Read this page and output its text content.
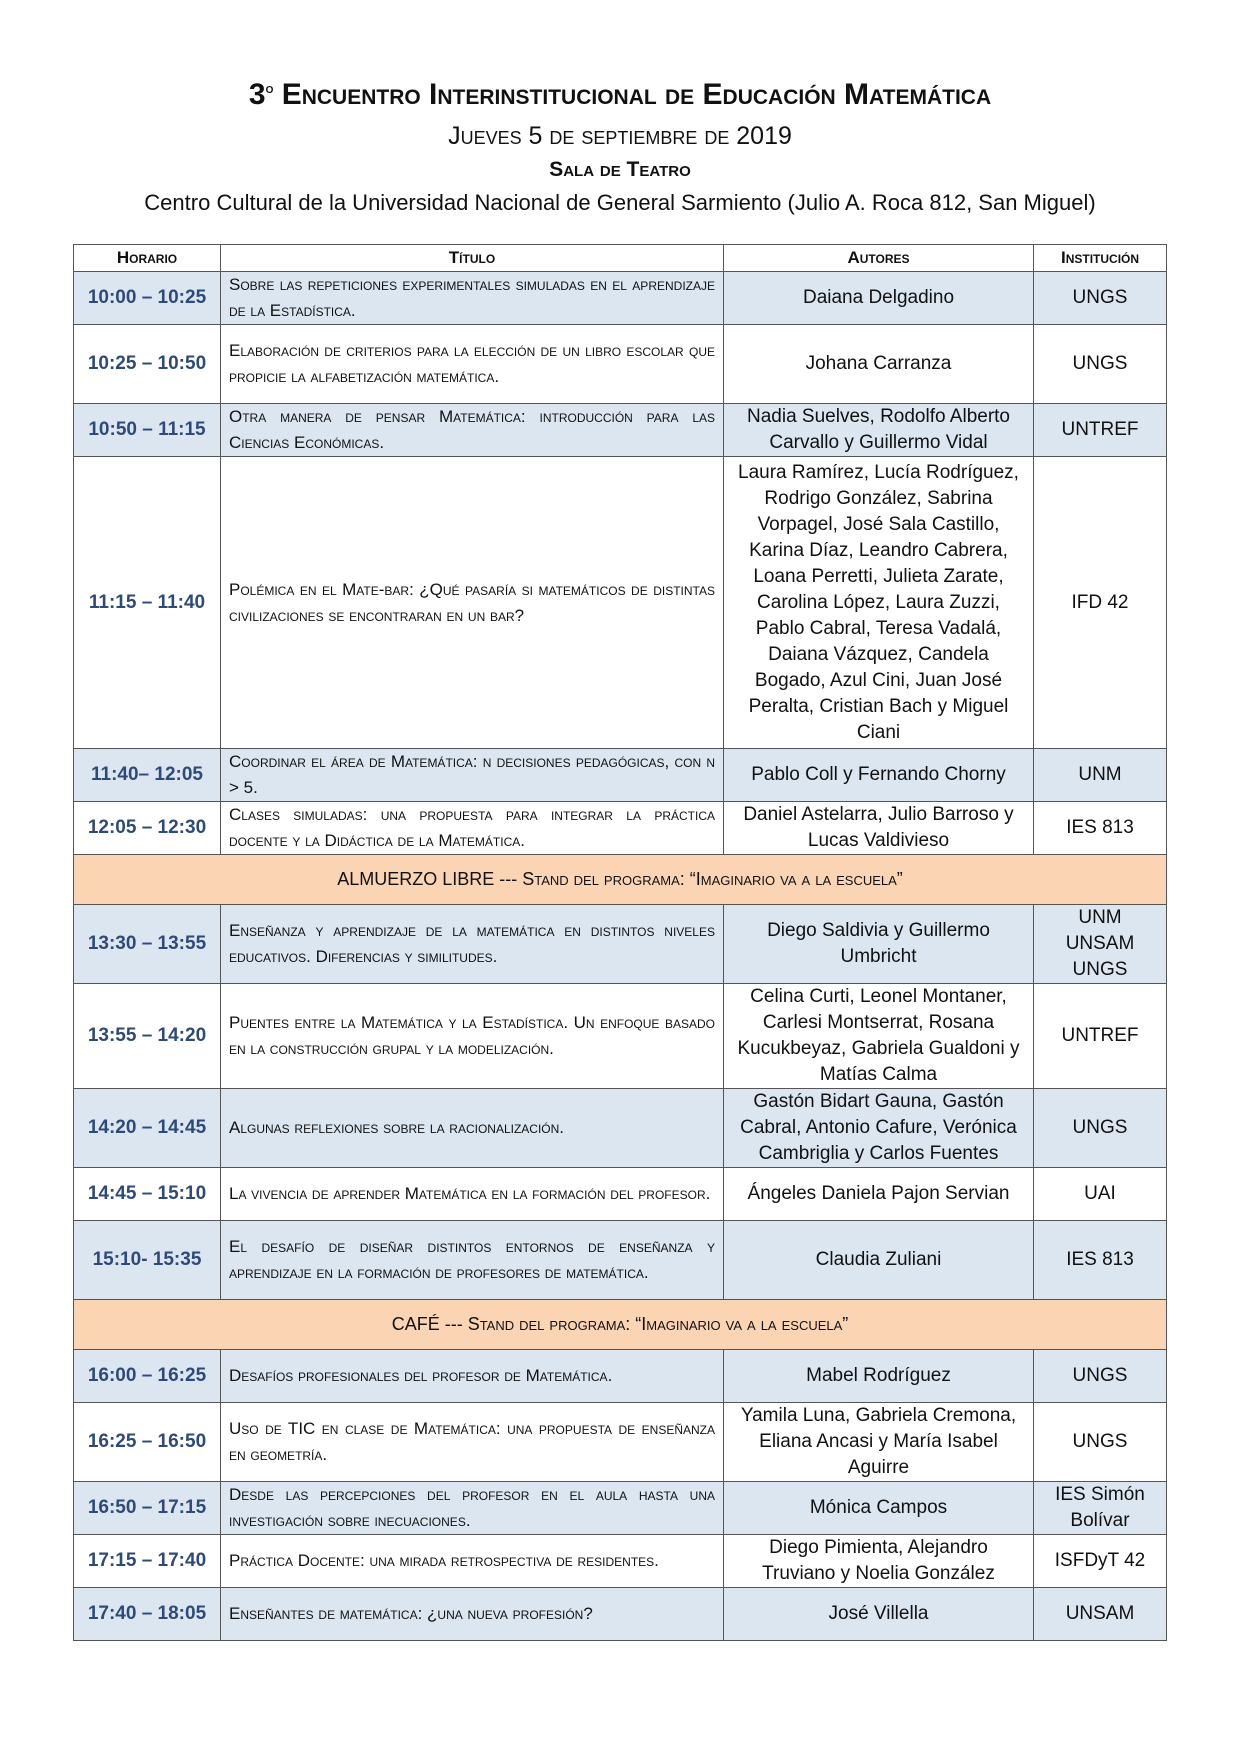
3$^o$ Encuentro Interinstitucional de Educación Matemática
Jueves 5 de septiembre de 2019
Sala de Teatro
Centro Cultural de la Universidad Nacional de General Sarmiento (Julio A. Roca 812, San Miguel)
Horario	Título	Autores	Institución
10:00 – 10:25	Sobre las repeticiones experimentales simuladas en el aprendizaje de la Estadística.	Daiana Delgadino	UNGS
10:25 – 10:50	Elaboración de criterios para la elección de un libro escolar que propicie la alfabetización matemática.	Johana Carranza	UNGS
10:50 – 11:15	Otra manera de pensar Matemática: introducción para las Ciencias Económicas.	Nadia Suelves, Rodolfo Alberto Carvallo y Guillermo Vidal	UNTREF
11:15 – 11:40	Polémica en el Mate-bar: ¿Qué pasaría si matemáticos de distintas civilizaciones se encontraran en un bar?	Laura Ramírez, Lucía Rodríguez, Rodrigo González, Sabrina Vorpagel, José Sala Castillo, Karina Díaz, Leandro Cabrera, Loana Perretti, Julieta Zarate, Carolina López, Laura Zuzzi, Pablo Cabral, Teresa Vadalá, Daiana Vázquez, Candela Bogado, Azul Cini, Juan José Peralta, Cristian Bach y Miguel Ciani	IFD 42
11:40– 12:05	Coordinar el área de Matemática: n decisiones pedagógicas, con n > 5.	Pablo Coll y Fernando Chorny	UNM
12:05 – 12:30	Clases simuladas: una propuesta para integrar la práctica docente y la Didáctica de la Matemática.	Daniel Astelarra, Julio Barroso y Lucas Valdivieso	IES 813
ALMUERZO LIBRE --- Stand del programa: “Imaginario va a la escuela”			
13:30 – 13:55	Enseñanza y aprendizaje de la matemática en distintos niveles educativos. Diferencias y similitudes.	Diego Saldivia y Guillermo Umbricht	UNM UNSAM UNGS
13:55 – 14:20	Puentes entre la Matemática y la Estadística. Un enfoque basado en la construcción grupal y la modelización.	Celina Curti, Leonel Montaner, Carlesi Montserrat, Rosana Kucukbeyaz, Gabriela Gualdoni y Matías Calma	UNTREF
14:20 – 14:45	Algunas reflexiones sobre la racionalización.	Gastón Bidart Gauna, Gastón Cabral, Antonio Cafure, Verónica Cambriglia y Carlos Fuentes	UNGS
14:45 – 15:10	La vivencia de aprender Matemática en la formación del profesor.	Ángeles Daniela Pajon Servian	UAI
15:10- 15:35	El desafío de diseñar distintos entornos de enseñanza y aprendizaje en la formación de profesores de matemática.	Claudia Zuliani	IES 813
CAFÉ --- Stand del programa: “Imaginario va a la escuela”			
16:00 – 16:25	Desafíos profesionales del profesor de Matemática.	Mabel Rodríguez	UNGS
16:25 – 16:50	Uso de TIC en clase de Matemática: una propuesta de enseñanza en geometría.	Yamila Luna, Gabriela Cremona, Eliana Ancasi y María Isabel Aguirre	UNGS
16:50 – 17:15	Desde las percepciones del profesor en el aula hasta una investigación sobre inecuaciones.	Mónica Campos	IES Simón Bolívar
17:15 – 17:40	Práctica Docente: una mirada retrospectiva de residentes.	Diego Pimienta, Alejandro Truviano y Noelia González	ISFDyT 42
17:40 – 18:05	Enseñantes de matemática: ¿una nueva profesión?	José Villella	UNSAM
